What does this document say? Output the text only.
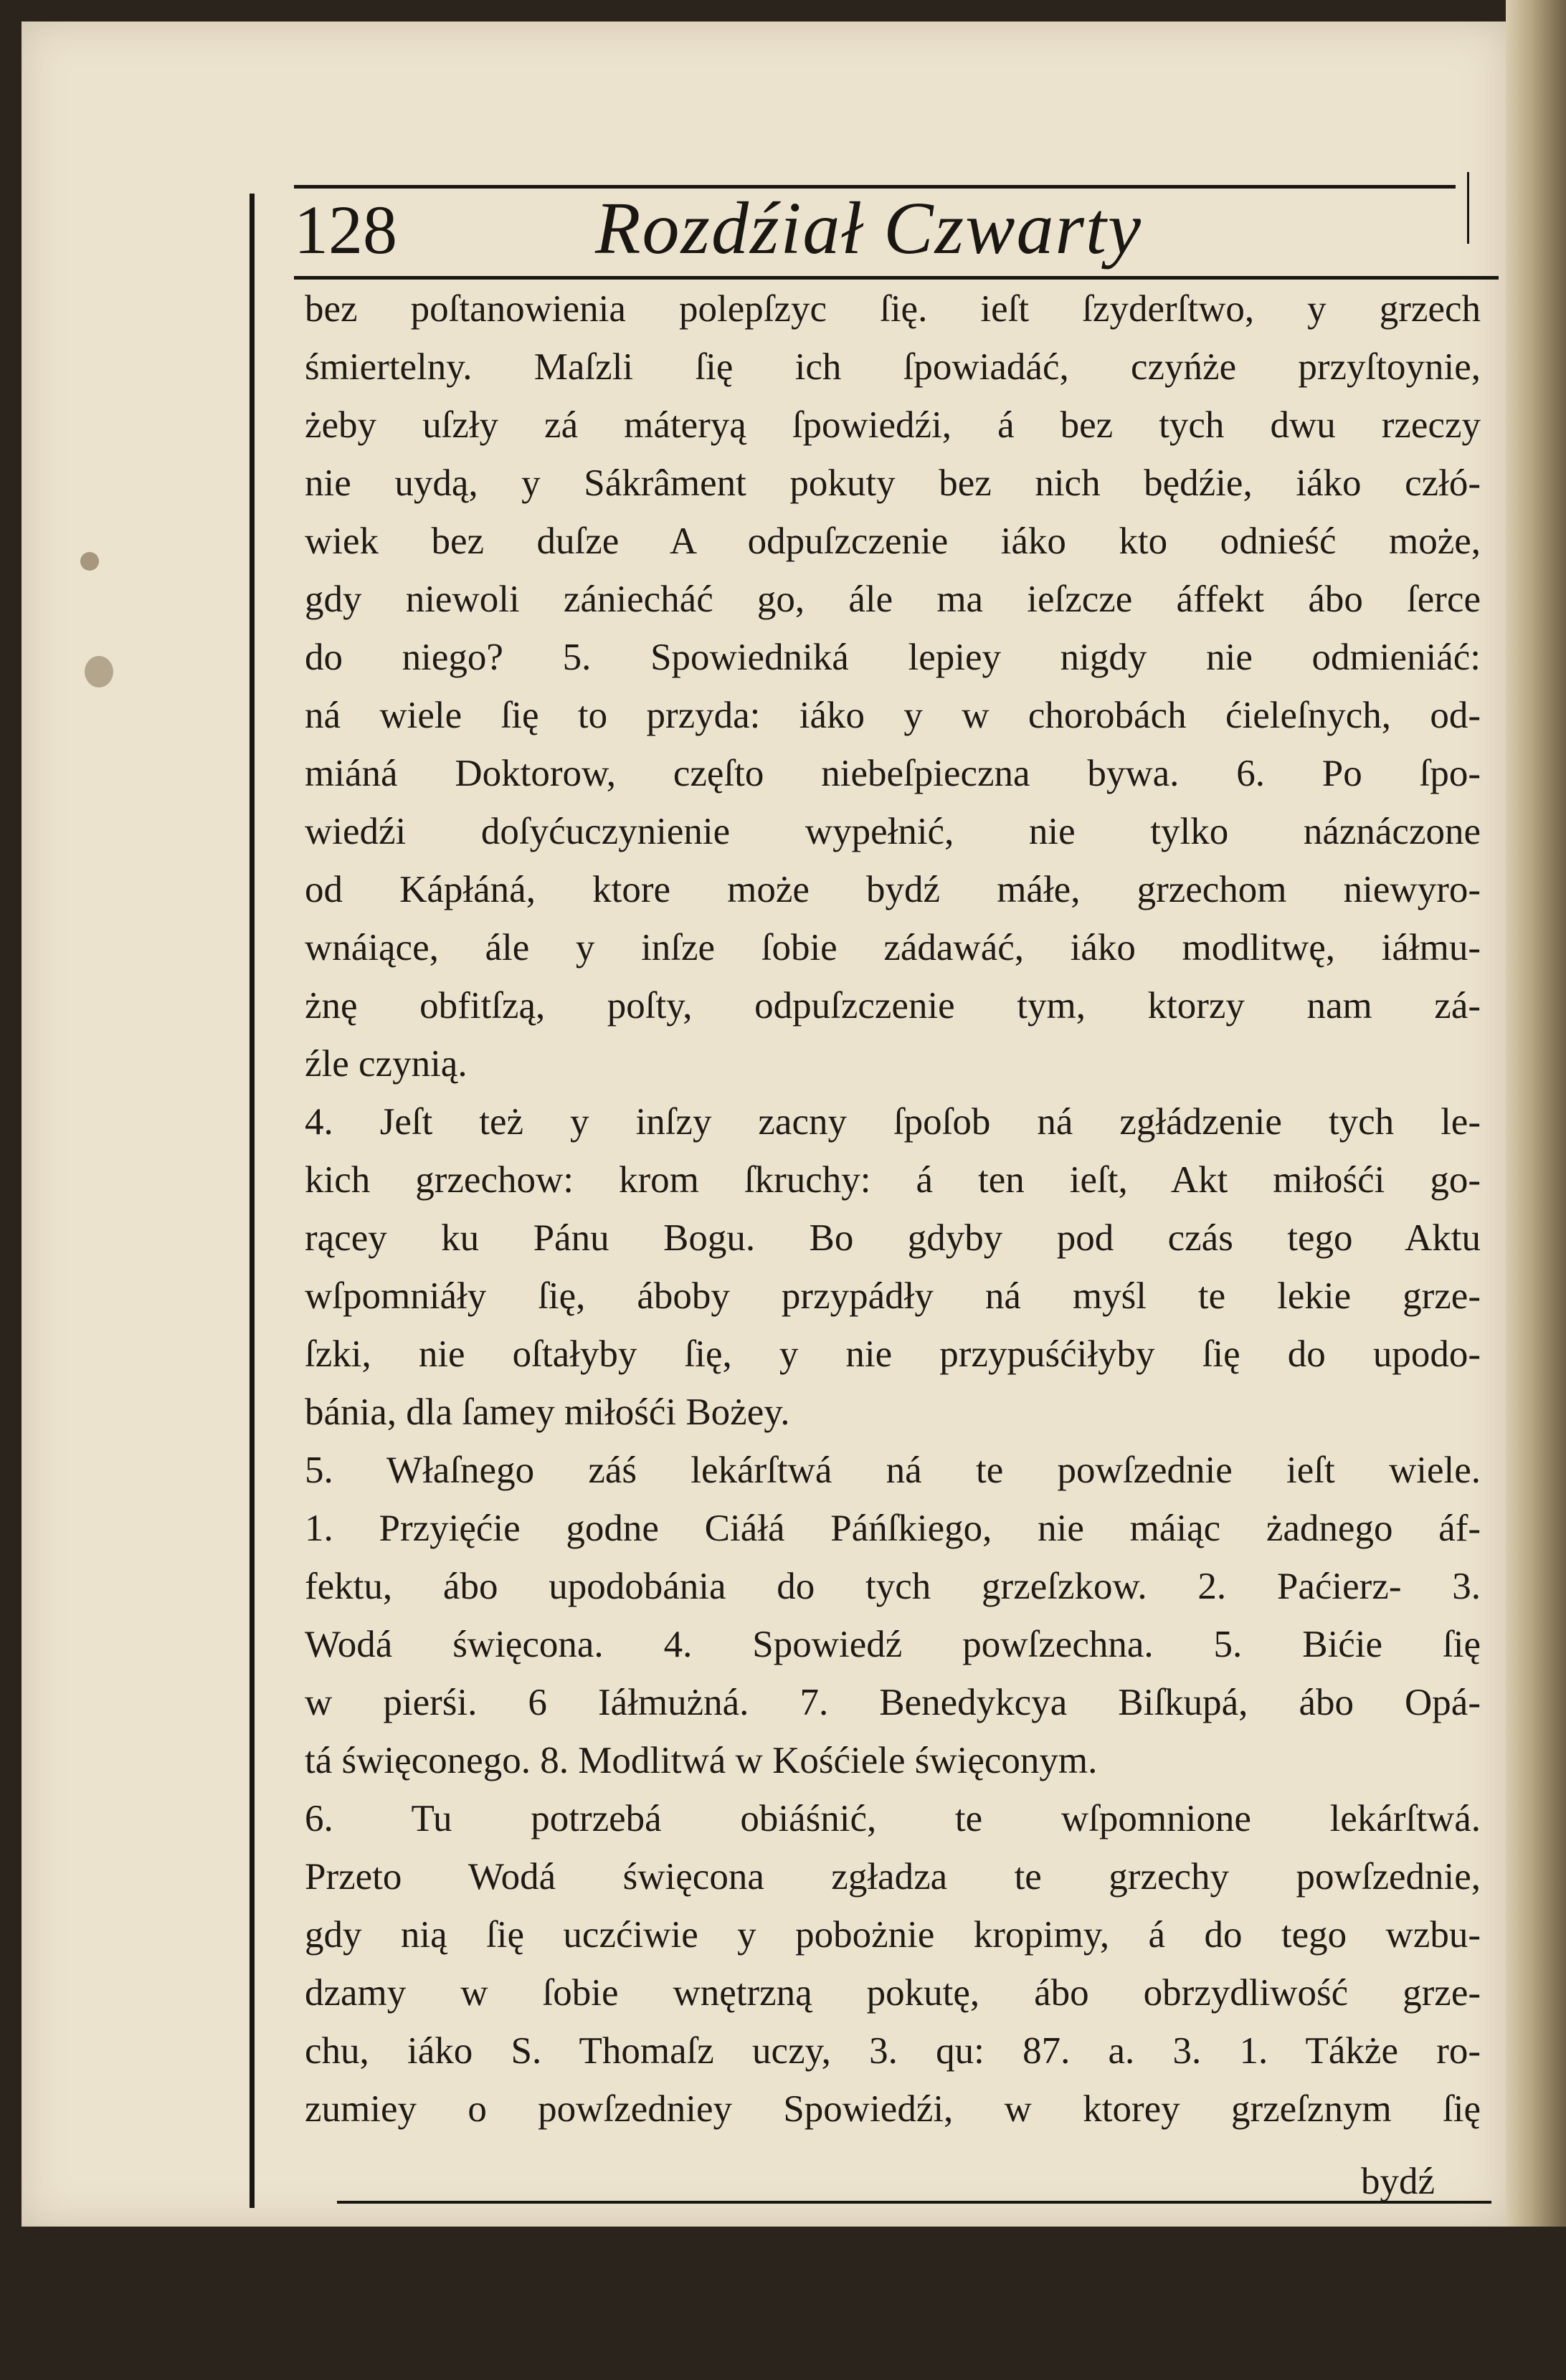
128	Rozdźiał Czwarty
bez poſtanowienia polepſzyc ſię. ieſt ſzyderſtwo, y grzech
śmiertelny. Maſzli ſię ich ſpowiadáć, czyńże przyſtoynie,
żeby uſzły zá máteryą ſpowiedźi, á bez tych dwu rzeczy
nie uydą, y Sákrâment pokuty bez nich będźie, iáko człó-
wiek bez duſze A odpuſzczenie iáko kto odnieść może,
gdy niewoli zániecháć go, ále ma ieſzcze áffekt ábo ſerce
do niego? 5. Spowiedniká lepiey nigdy nie odmieniáć:
ná wiele ſię to przyda: iáko y w chorobách ćieleſnych, od-
miáná Doktorow, częſto niebeſpieczna bywa. 6. Po ſpo-
wiedźi doſyćuczynienie wypełnić, nie tylko náznáczone
od Kápłáná, ktore może bydź máłe, grzechom niewyro-
wnáiące, ále y inſze ſobie zádawáć, iáko modlitwę, iáłmu-
żnę obfitſzą, poſty, odpuſzczenie tym, ktorzy nam zá-
źle czynią.
4. Jeſt też y inſzy zacny ſpoſob ná zgłádzenie tych le-
kich grzechow: krom ſkruchy: á ten ieſt, Akt miłośći go-
rącey ku Pánu Bogu. Bo gdyby pod czás tego Aktu
wſpomniáły ſię, áboby przypádły ná myśl te lekie grze-
ſzki, nie oſtałyby ſię, y nie przypuśćiłyby ſię do upodo-
bánia, dla ſamey miłośći Bożey.
5. Właſnego záś lekárſtwá ná te powſzednie ieſt wiele.
1. Przyięćie godne Ciáłá Páńſkiego, nie máiąc żadnego áf-
fektu, ábo upodobánia do tych grzeſzkow. 2. Paćierz- 3.
Wodá święcona. 4. Spowiedź powſzechna. 5. Bićie ſię
w pierśi. 6 Iáłmużná. 7. Benedykcya Biſkupá, ábo Opá-
tá święconego. 8. Modlitwá w Kośćiele święconym.
6. Tu potrzebá obiáśnić, te wſpomnione lekárſtwá.
Przeto Wodá święcona zgładza te grzechy powſzednie,
gdy nią ſię uczćiwie y pobożnie kropimy, á do tego wzbu-
dzamy w ſobie wnętrzną pokutę, ábo obrzydliwość grze-
chu, iáko S. Thomaſz uczy, 3. qu: 87. a. 3. 1. Tákże ro-
zumiey o powſzedniey Spowiedźi, w ktorey grzeſznym ſię
bydź
